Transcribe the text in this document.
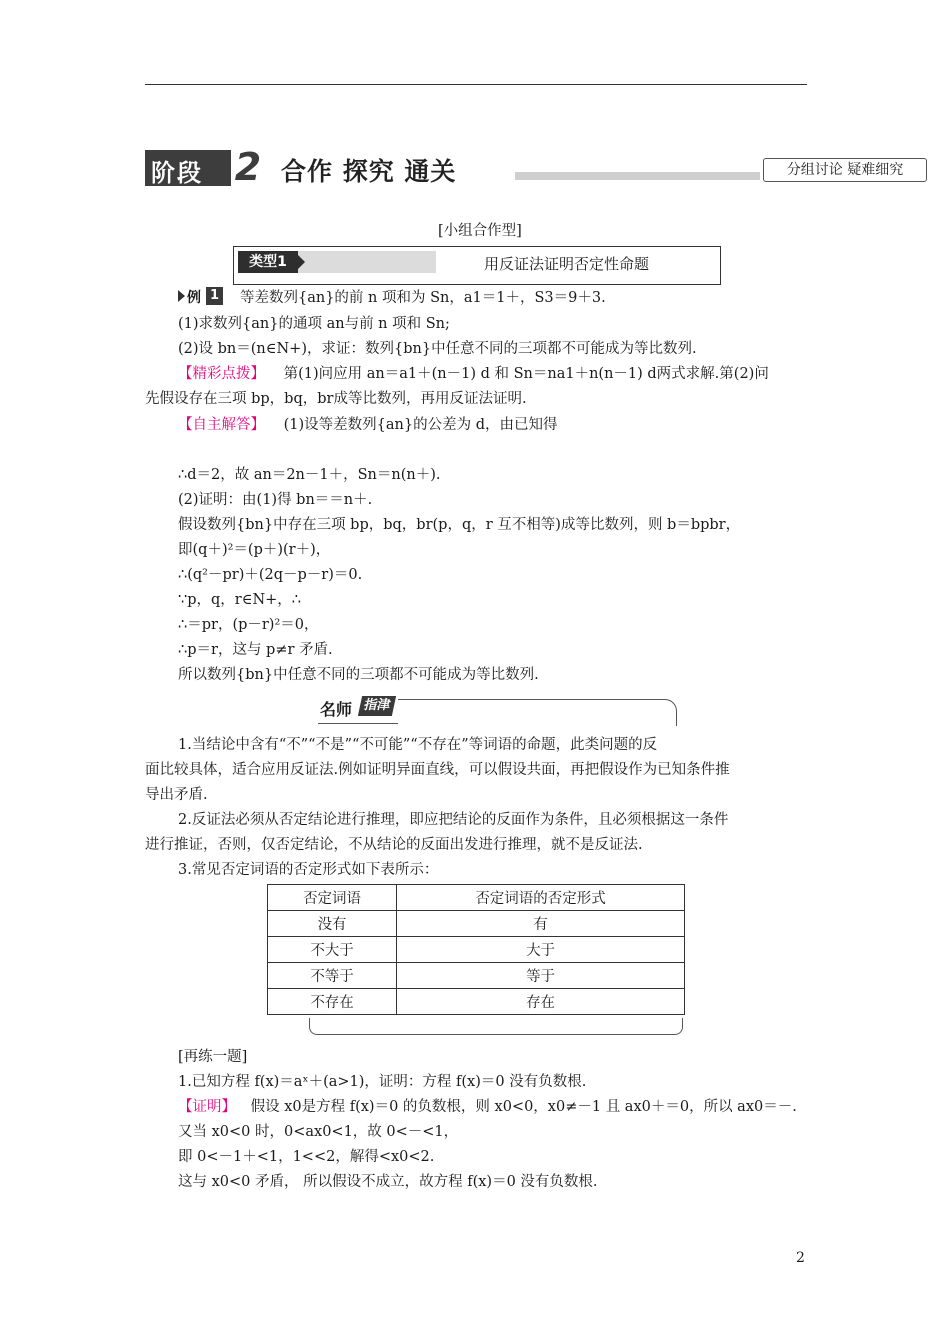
阶段 2 合作 探究 通关	分组讨论 疑难细究
[小组合作型]
类型1	用反证法证明否定性命题
例 1 等差数列{an}的前 n 项和为 Sn，a1＝1＋，S3＝9＋3.
(1)求数列{an}的通项 an与前 n 项和 Sn;
(2)设 bn＝(n∈N+)，求证：数列{bn}中任意不同的三项都不可能成为等比数列.
【精彩点拨】 第(1)问应用 an＝a1＋(n－1) d 和 Sn＝na1＋n(n－1) d两式求解.第(2)问
先假设存在三项 bp，bq，br成等比数列，再用反证法证明.
【自主解答】 (1)设等差数列{an}的公差为 d，由已知得
∴d＝2，故 an＝2n－1＋，Sn＝n(n＋).
(2)证明：由(1)得 bn＝＝n＋.
假设数列{bn}中存在三项 bp，bq，br(p，q，r 互不相等)成等比数列，则 b＝bpbr，
即(q＋)²＝(p＋)(r＋)，
∴(q²－pr)＋(2q－p－r)＝0.
∵p，q，r∈N+，∴
∴＝pr，(p－r)²＝0，
∴p＝r，这与 p≠r 矛盾.
所以数列{bn}中任意不同的三项都不可能成为等比数列.
名师 指津
1.当结论中含有“不”“不是”“不可能”“不存在”等词语的命题，此类问题的反
面比较具体，适合应用反证法.例如证明异面直线，可以假设共面，再把假设作为已知条件推
导出矛盾.
2.反证法必须从否定结论进行推理，即应把结论的反面作为条件，且必须根据这一条件
进行推证，否则，仅否定结论，不从结论的反面出发进行推理，就不是反证法.
3.常见否定词语的否定形式如下表所示：
否定词语	否定词语的否定形式
没有	有
不大于	大于
不等于	等于
不存在	存在
[再练一题]
1.已知方程 f(x)＝aˣ＋(a>1)，证明：方程 f(x)＝0 没有负数根.
【证明】 假设 x0是方程 f(x)＝0 的负数根，则 x0<0，x0≠－1 且 ax0＋＝0，所以 ax0＝－.
又当 x0<0 时，0<ax0<1，故 0<－<1，
即 0<－1＋<1，1<<2，解得<x0<2.
这与 x0<0 矛盾， 所以假设不成立，故方程 f(x)＝0 没有负数根.
2
